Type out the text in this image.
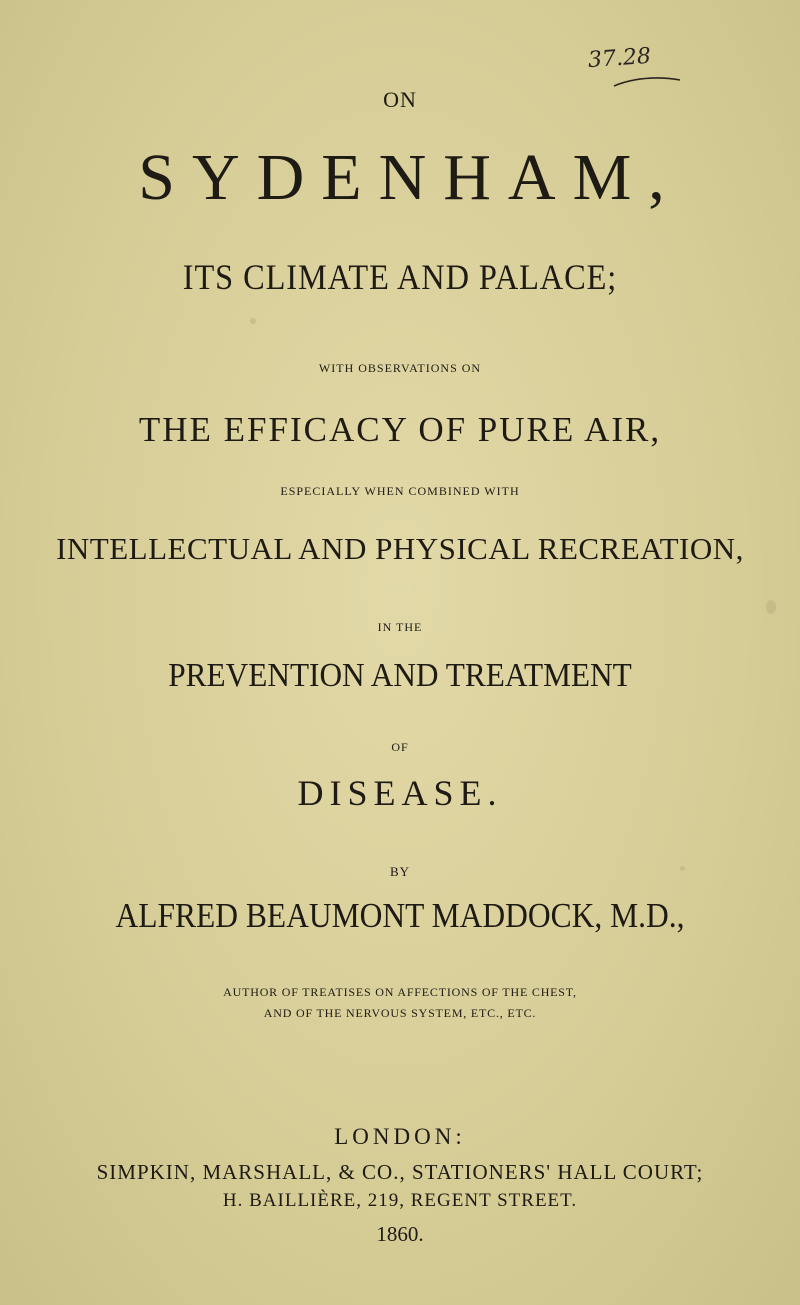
37.28
ON
SYDENHAM,
ITS CLIMATE AND PALACE;
WITH OBSERVATIONS ON
THE EFFICACY OF PURE AIR,
ESPECIALLY WHEN COMBINED WITH
INTELLECTUAL AND PHYSICAL RECREATION,
IN THE
PREVENTION AND TREATMENT
OF
DISEASE.
BY
ALFRED BEAUMONT MADDOCK, M.D.,
AUTHOR OF TREATISES ON AFFECTIONS OF THE CHEST,
AND OF THE NERVOUS SYSTEM, ETC., ETC.
LONDON:
SIMPKIN, MARSHALL, & CO., STATIONERS' HALL COURT;
H. BAILLIÈRE, 219, REGENT STREET.
1860.
